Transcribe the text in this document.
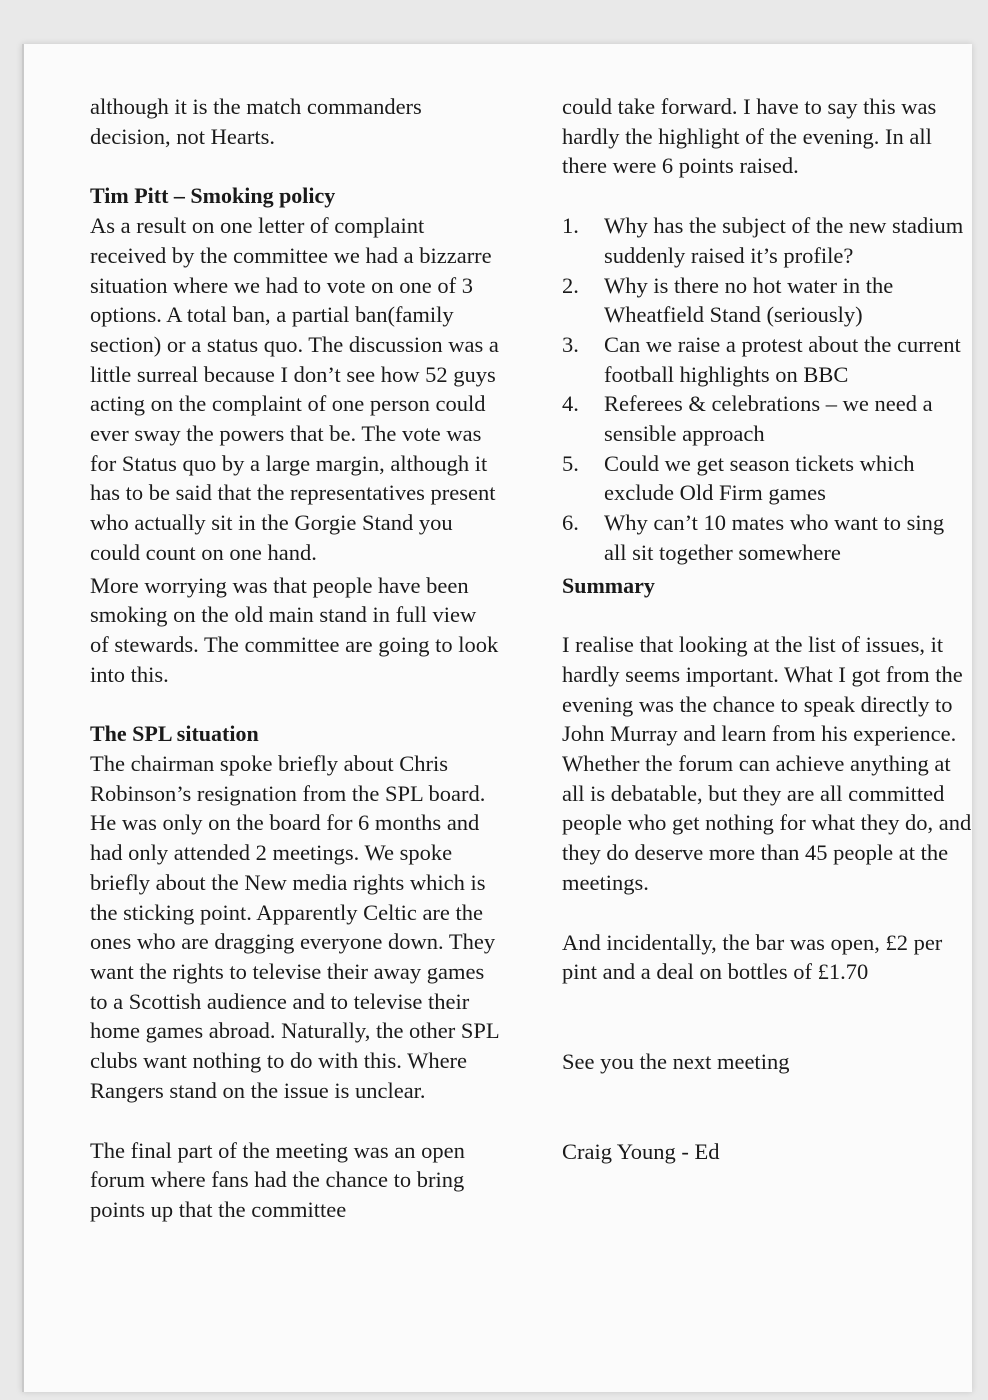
although it is the match commanders decision, not Hearts.

Tim Pitt – Smoking policy

As a result on one letter of complaint received by the committee we had a bizzarre situation where we had to vote on one of 3 options. A total ban, a partial ban(family section) or a status quo. The discussion was a little surreal because I don’t see how 52 guys acting on the complaint of one person could ever sway the powers that be. The vote was for Status quo by a large margin, although it has to be said that the representatives present who actually sit in the Gorgie Stand you could count on one hand.

More worrying was that people have been smoking on the old main stand in full view of stewards. The committee are going to look into this.

The SPL situation

The chairman spoke briefly about Chris Robinson’s resignation from the SPL board. He was only on the board for 6 months and had only attended 2 meetings. We spoke briefly about the New media rights which is the sticking point. Apparently Celtic are the ones who are dragging everyone down. They want the rights to televise their away games to a Scottish audience and to televise their home games abroad. Naturally, the other SPL clubs want nothing to do with this. Where Rangers stand on the issue is unclear.

The final part of the meeting was an open forum where fans had the chance to bring points up that the committee

could take forward. I have to say this was hardly the highlight of the evening. In all there were 6 points raised.

1.	Why has the subject of the new stadium suddenly raised it’s profile?
2.	Why is there no hot water in the Wheatfield Stand (seriously)
3.	Can we raise a protest about the current football highlights on BBC
4.	Referees & celebrations – we need a sensible approach
5.	Could we get season tickets which exclude Old Firm games
6.	Why can’t 10 mates who want to sing all sit together somewhere
Summary

I realise that looking at the list of issues, it hardly seems important. What I got from the evening was the chance to speak directly to John Murray and learn from his experience. Whether the forum can achieve anything at all is debatable, but they are all committed people who get nothing for what they do, and they do deserve more than 45 people at the meetings.

And incidentally, the bar was open, £2 per pint and a deal on bottles of £1.70

See you the next meeting

Craig Young - Ed
